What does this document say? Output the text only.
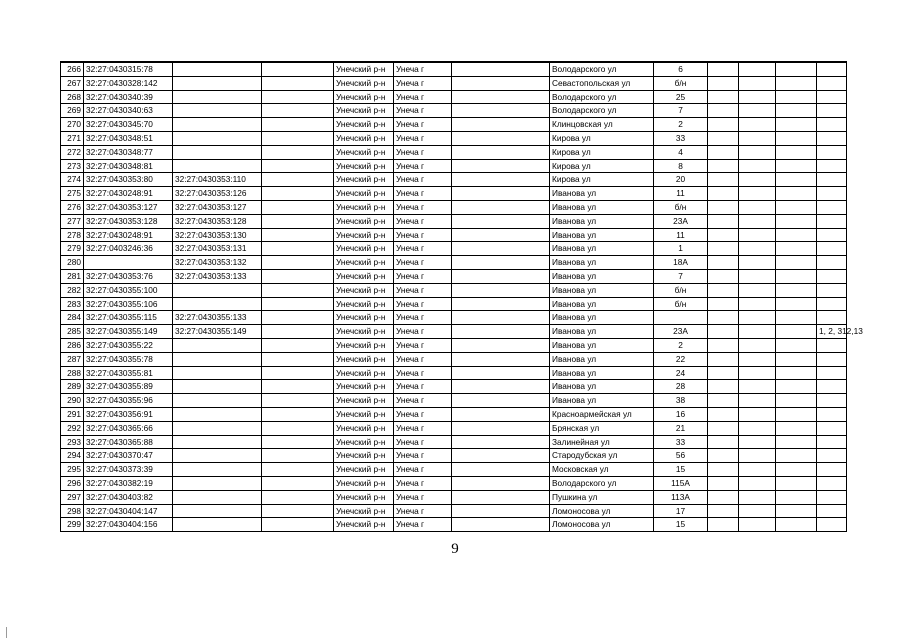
266	32:27:0430315:78			Унечский р-н	Унеча г		Володарского ул	6				
267	32:27:0430328:142			Унечский р-н	Унеча г		Севастопольская ул	б/н				
268	32:27:0430340:39			Унечский р-н	Унеча г		Володарского ул	25				
269	32:27:0430340:63			Унечский р-н	Унеча г		Володарского ул	7				
270	32:27:0430345:70			Унечский р-н	Унеча г		Клинцовская ул	2				
271	32:27:0430348:51			Унечский р-н	Унеча г		Кирова ул	33				
272	32:27:0430348:77			Унечский р-н	Унеча г		Кирова ул	4				
273	32:27:0430348:81			Унечский р-н	Унеча г		Кирова ул	8				
274	32:27:0430353:80	32:27:0430353:110		Унечский р-н	Унеча г		Кирова ул	20				
275	32:27:0430248:91	32:27:0430353:126		Унечский р-н	Унеча г		Иванова ул	11				
276	32:27:0430353:127	32:27:0430353:127		Унечский р-н	Унеча г		Иванова ул	б/н				
277	32:27:0430353:128	32:27:0430353:128		Унечский р-н	Унеча г		Иванова ул	23А				
278	32:27:0430248:91	32:27:0430353:130		Унечский р-н	Унеча г		Иванова ул	11				
279	32:27:0403246:36	32:27:0430353:131		Унечский р-н	Унеча г		Иванова ул	1				
280		32:27:0430353:132		Унечский р-н	Унеча г		Иванова ул	18А				
281	32:27:0430353:76	32:27:0430353:133		Унечский р-н	Унеча г		Иванова ул	7				
282	32:27:0430355:100			Унечский р-н	Унеча г		Иванова ул	б/н				
283	32:27:0430355:106			Унечский р-н	Унеча г		Иванова ул	б/н				
284	32:27:0430355:115	32:27:0430355:133		Унечский р-н	Унеча г		Иванова ул					
285	32:27:0430355:149	32:27:0430355:149		Унечский р-н	Унеча г		Иванова ул	23А				1, 2, 312,13
286	32:27:0430355:22			Унечский р-н	Унеча г		Иванова ул	2				
287	32:27:0430355:78			Унечский р-н	Унеча г		Иванова ул	22				
288	32:27:0430355:81			Унечский р-н	Унеча г		Иванова ул	24				
289	32:27:0430355:89			Унечский р-н	Унеча г		Иванова ул	28				
290	32:27:0430355:96			Унечский р-н	Унеча г		Иванова ул	38				
291	32:27:0430356:91			Унечский р-н	Унеча г		Красноармейская ул	16				
292	32:27:0430365:66			Унечский р-н	Унеча г		Брянская ул	21				
293	32:27:0430365:88			Унечский р-н	Унеча г		Залинейная ул	33				
294	32:27:0430370:47			Унечский р-н	Унеча г		Стародубская ул	56				
295	32:27:0430373:39			Унечский р-н	Унеча г		Московская ул	15				
296	32:27:0430382:19			Унечский р-н	Унеча г		Володарского ул	115А				
297	32:27:0430403:82			Унечский р-н	Унеча г		Пушкина ул	113А				
298	32:27:0430404:147			Унечский р-н	Унеча г		Ломоносова ул	17				
299	32:27:0430404:156			Унечский р-н	Унеча г		Ломоносова ул	15				
9
